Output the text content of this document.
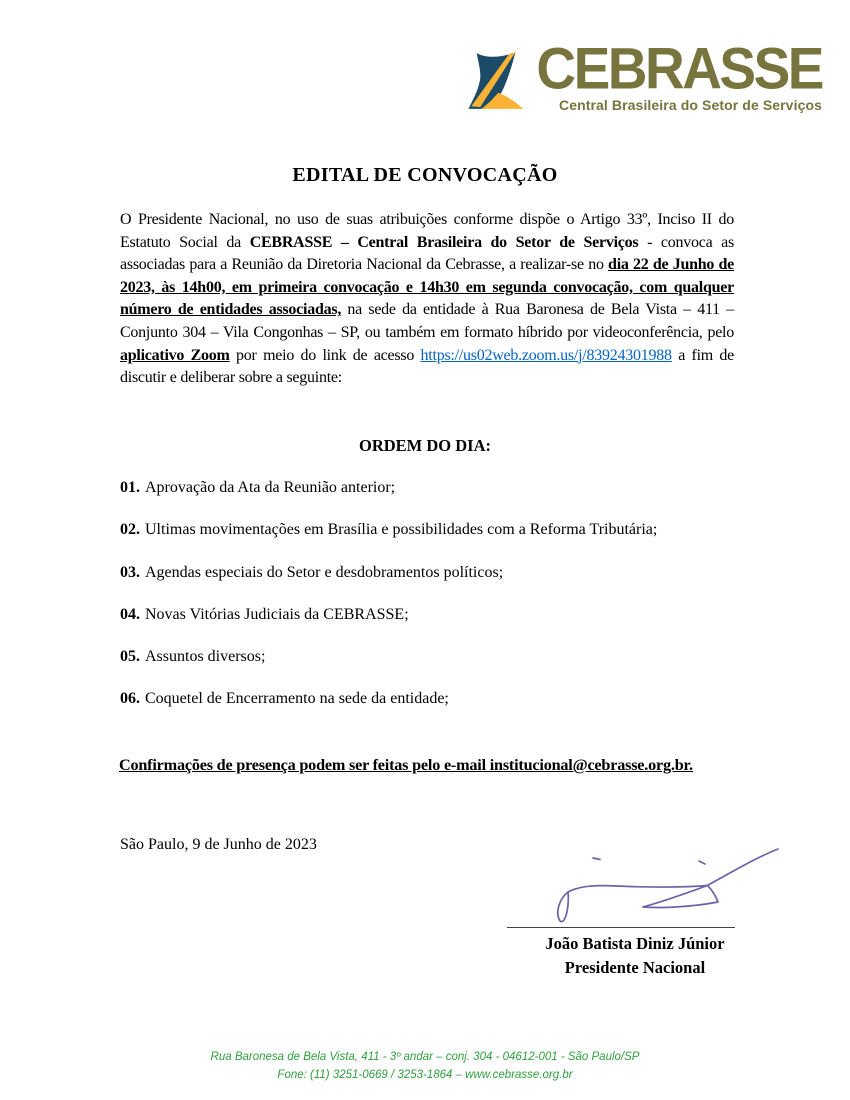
CEBRASSE
Central Brasileira do Setor de Serviços
EDITAL DE CONVOCAÇÃO
O Presidente Nacional, no uso de suas atribuições conforme dispõe o Artigo 33º, Inciso II do Estatuto Social da CEBRASSE – Central Brasileira do Setor de Serviços - convoca as associadas para a Reunião da Diretoria Nacional da Cebrasse, a realizar-se no dia 22 de Junho de 2023, às 14h00, em primeira convocação e 14h30 em segunda convocação, com qualquer número de entidades associadas, na sede da entidade à Rua Baronesa de Bela Vista – 411 – Conjunto 304 – Vila Congonhas – SP, ou também em formato híbrido por videoconferência, pelo aplicativo Zoom por meio do link de acesso https://us02web.zoom.us/j/83924301988 a fim de discutir e deliberar sobre a seguinte:
ORDEM DO DIA:
01. Aprovação da Ata da Reunião anterior;
02. Ultimas movimentações em Brasília e possibilidades com a Reforma Tributária;
03. Agendas especiais do Setor e desdobramentos políticos;
04. Novas Vitórias Judiciais da CEBRASSE;
05. Assuntos diversos;
06. Coquetel de Encerramento na sede da entidade;
Confirmações de presença podem ser feitas pelo e-mail institucional@cebrasse.org.br.
São Paulo, 9 de Junho de 2023
João Batista Diniz Júnior
Presidente Nacional
Rua Baronesa de Bela Vista, 411 - 3º andar – conj. 304 - 04612-001 - São Paulo/SP
Fone: (11) 3251-0669 / 3253-1864 – www.cebrasse.org.br
